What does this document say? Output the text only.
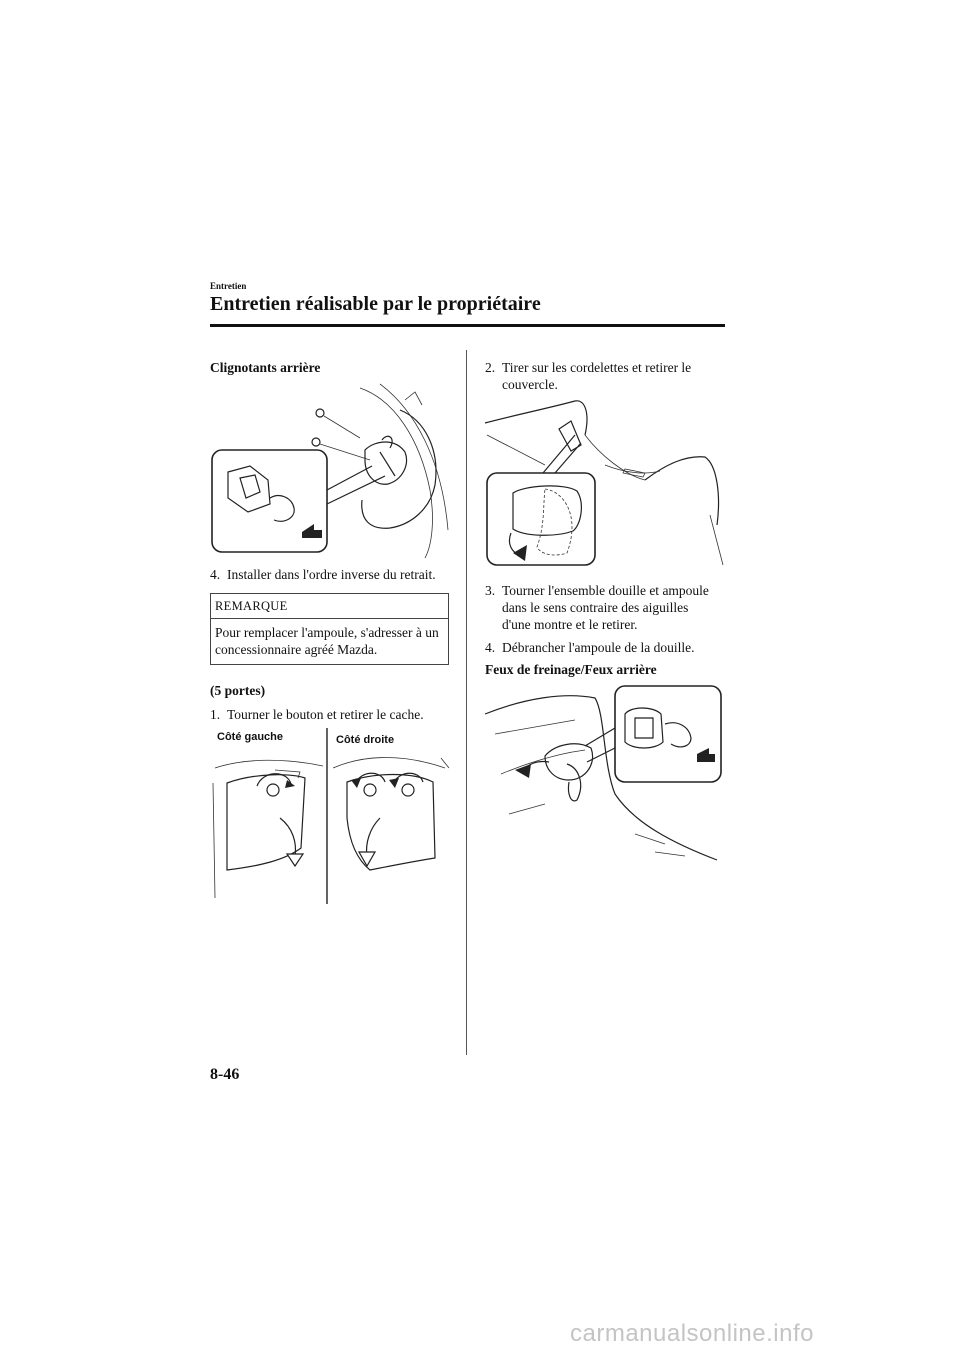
Entretien
Entretien réalisable par le propriétaire
Clignotants arrière
4. Installer dans l'ordre inverse du retrait.
REMARQUE
Pour remplacer l'ampoule, s'adresser à un concessionnaire agréé Mazda.
(5 portes)
1. Tourner le bouton et retirer le cache.
Côté gauche	Côté droite
2. Tirer sur les cordelettes et retirer le couvercle.
3. Tourner l'ensemble douille et ampoule dans le sens contraire des aiguilles d'une montre et le retirer.
4. Débrancher l'ampoule de la douille.
Feux de freinage/Feux arrière
8-46
carmanualsonline.info
